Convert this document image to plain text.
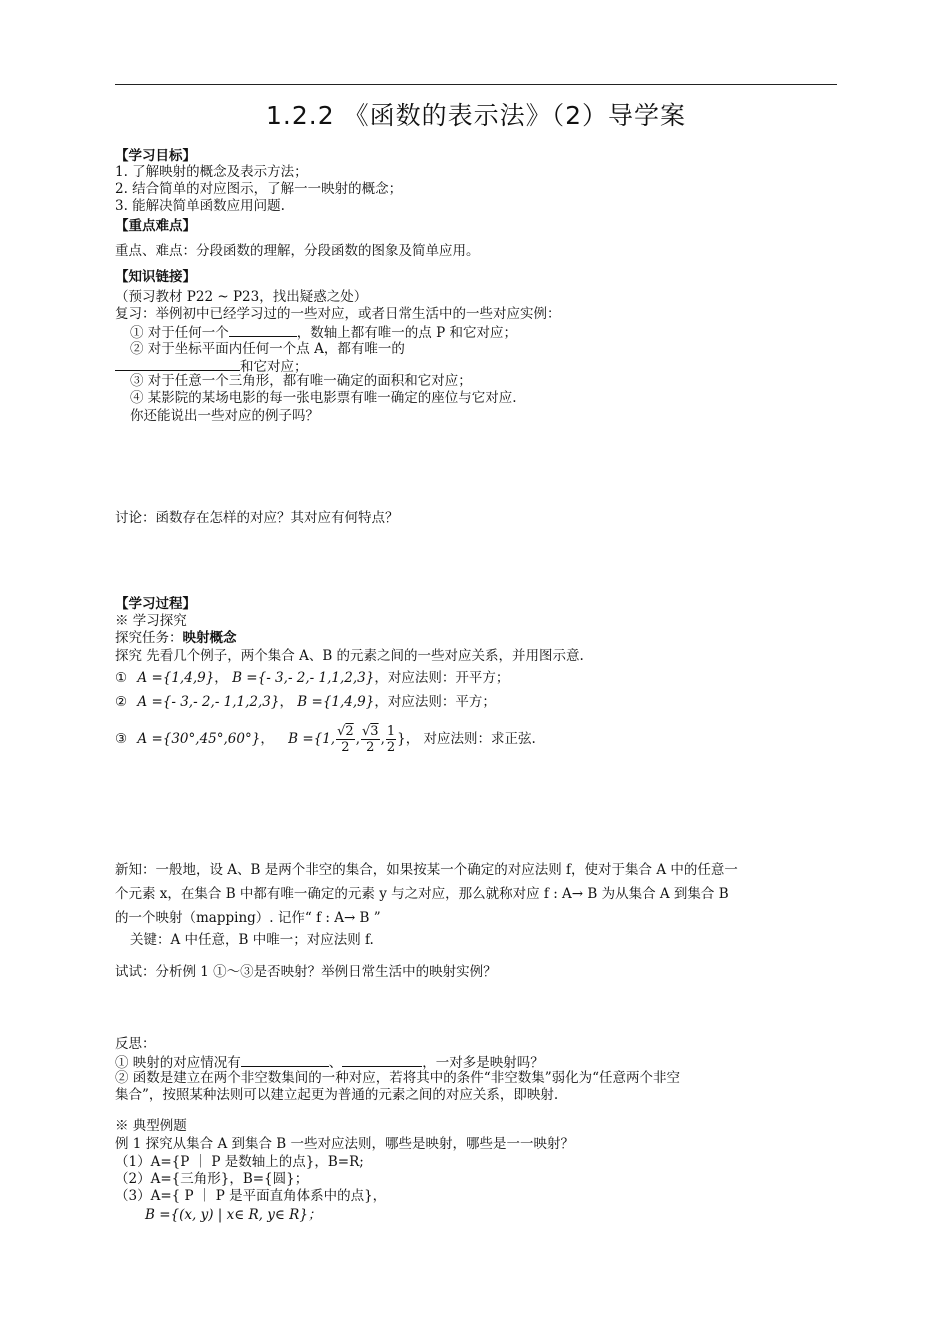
1.2.2 《函数的表示法》（2）导学案
【学习目标】
1. 了解映射的概念及表示方法；
2. 结合简单的对应图示，了解一一映射的概念；
3. 能解决简单函数应用问题.
【重点难点】
重点、难点：分段函数的理解，分段函数的图象及简单应用。
【知识链接】
（预习教材 P22 ~ P23，找出疑惑之处）
复习：举例初中已经学习过的一些对应，或者日常生活中的一些对应实例：
① 对于任何一个	，数轴上都有唯一的点 P 和它对应；
② 对于坐标平面内任何一个点 A，都有唯一的
和它对应；
③ 对于任意一个三角形，都有唯一确定的面积和它对应；
④ 某影院的某场电影的每一张电影票有唯一确定的座位与它对应.
你还能说出一些对应的例子吗？
讨论：函数存在怎样的对应？其对应有何特点？
【学习过程】
※ 学习探究
探究任务：映射概念
探究 先看几个例子，两个集合 A、B 的元素之间的一些对应关系，并用图示意.
① A ={1,4,9}， B ={- 3,- 2,- 1,1,2,3}，对应法则：开平方；
② A ={- 3,- 2,- 1,1,2,3}， B ={1,4,9}，对应法则：平方；
③ A ={30°,45°,60°}， B ={1, $\frac{√2}{2}$ , $\frac{√3}{2}$ , $\frac{1}{2}$ }， 对应法则：求正弦.
新知：一般地，设 A、B 是两个非空的集合，如果按某一个确定的对应法则 f，使对于集合 A 中的任意一
个元素 x，在集合 B 中都有唯一确定的元素 y 与之对应，那么就称对应 f : A→ B 为从集合 A 到集合 B
的一个映射（mapping）. 记作“ f : A→ B ”
关键：A 中任意，B 中唯一；对应法则 f.
试试：分析例 1 ①～③是否映射？举例日常生活中的映射实例？
反思：
① 映射的对应情况有	、	，一对多是映射吗？
② 函数是建立在两个非空数集间的一种对应，若将其中的条件“非空数集”弱化为“任意两个非空
集合”，按照某种法则可以建立起更为普通的元素之间的对应关系，即映射.
※ 典型例题
例 1 探究从集合 A 到集合 B 一些对应法则，哪些是映射，哪些是一一映射？
（1）A={P ｜ P 是数轴上的点}，B=R;
（2）A={三角形}，B={圆}；
（3）A={ P ｜ P 是平面直角体系中的点}，
B ={(x, y) | x∈ R, y∈ R}；
